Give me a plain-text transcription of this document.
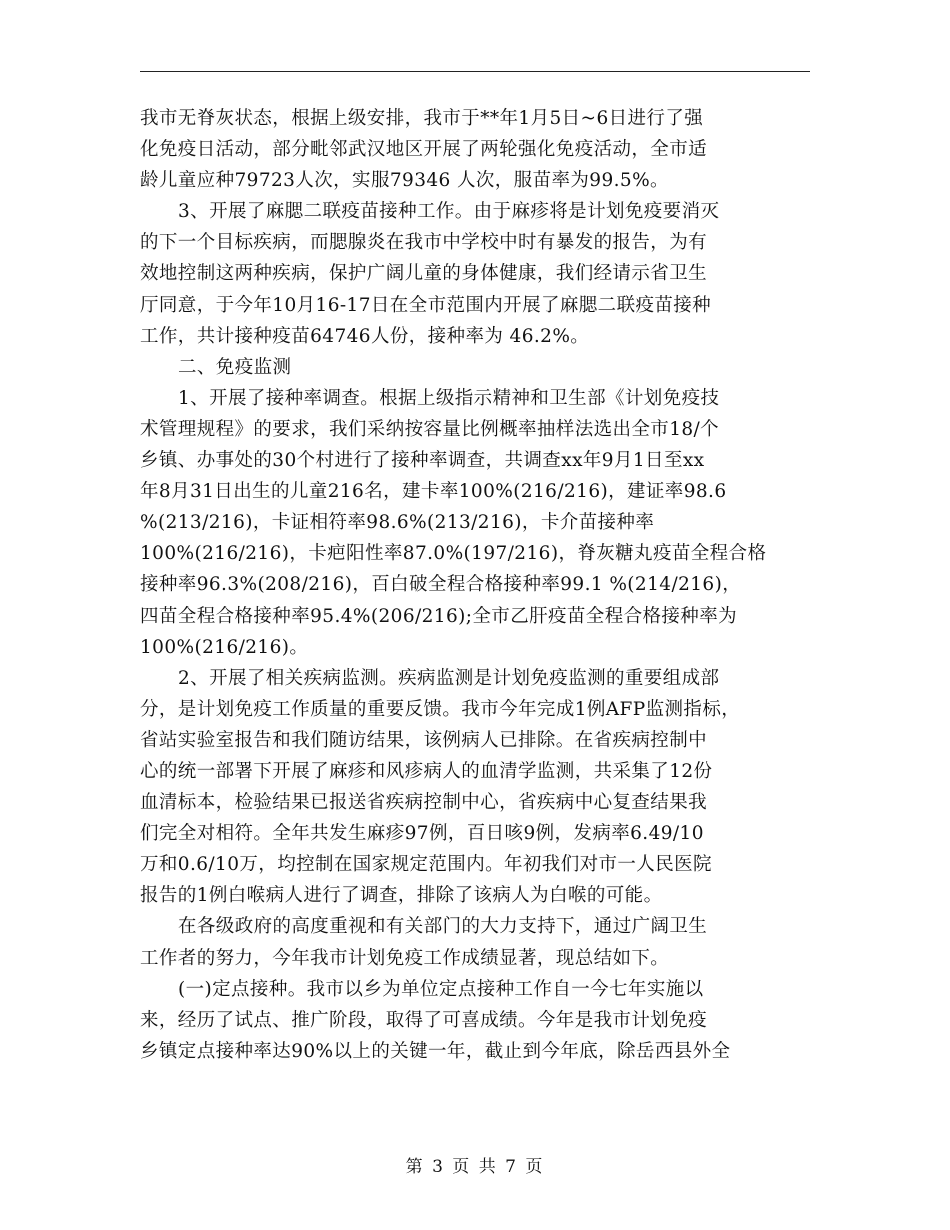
我市无脊灰状态，根据上级安排，我市于**年1月5日~6日进行了强
化免疫日活动，部分毗邻武汉地区开展了两轮强化免疫活动，全市适
龄儿童应种79723人次，实服79346 人次，服苗率为99.5%。
3、开展了麻腮二联疫苗接种工作。由于麻疹将是计划免疫要消灭
的下一个目标疾病，而腮腺炎在我市中学校中时有暴发的报告，为有
效地控制这两种疾病，保护广阔儿童的身体健康，我们经请示省卫生
厅同意，于今年10月16-17日在全市范围内开展了麻腮二联疫苗接种
工作，共计接种疫苗64746人份，接种率为 46.2%。
二、免疫监测
1、开展了接种率调查。根据上级指示精神和卫生部《计划免疫技
术管理规程》的要求，我们采纳按容量比例概率抽样法选出全市18/个
乡镇、办事处的30个村进行了接种率调查，共调查xx年9月1日至xx
年8月31日出生的儿童216名，建卡率100%(216/216)，建证率98.6
%(213/216)，卡证相符率98.6%(213/216)，卡介苗接种率
100%(216/216)，卡疤阳性率87.0%(197/216)，脊灰糖丸疫苗全程合格
接种率96.3%(208/216)，百白破全程合格接种率99.1 %(214/216)，
四苗全程合格接种率95.4%(206/216);全市乙肝疫苗全程合格接种率为
100%(216/216)。
2、开展了相关疾病监测。疾病监测是计划免疫监测的重要组成部
分，是计划免疫工作质量的重要反馈。我市今年完成1例AFP监测指标，
省站实验室报告和我们随访结果，该例病人已排除。在省疾病控制中
心的统一部署下开展了麻疹和风疹病人的血清学监测，共采集了12份
血清标本，检验结果已报送省疾病控制中心，省疾病中心复查结果我
们完全对相符。全年共发生麻疹97例，百日咳9例，发病率6.49/10
万和0.6/10万，均控制在国家规定范围内。年初我们对市一人民医院
报告的1例白喉病人进行了调查，排除了该病人为白喉的可能。
在各级政府的高度重视和有关部门的大力支持下，通过广阔卫生
工作者的努力，今年我市计划免疫工作成绩显著，现总结如下。
(一)定点接种。我市以乡为单位定点接种工作自一今七年实施以
来，经历了试点、推广阶段，取得了可喜成绩。今年是我市计划免疫
乡镇定点接种率达90%以上的关键一年，截止到今年底，除岳西县外全
第 3 页 共 7 页
